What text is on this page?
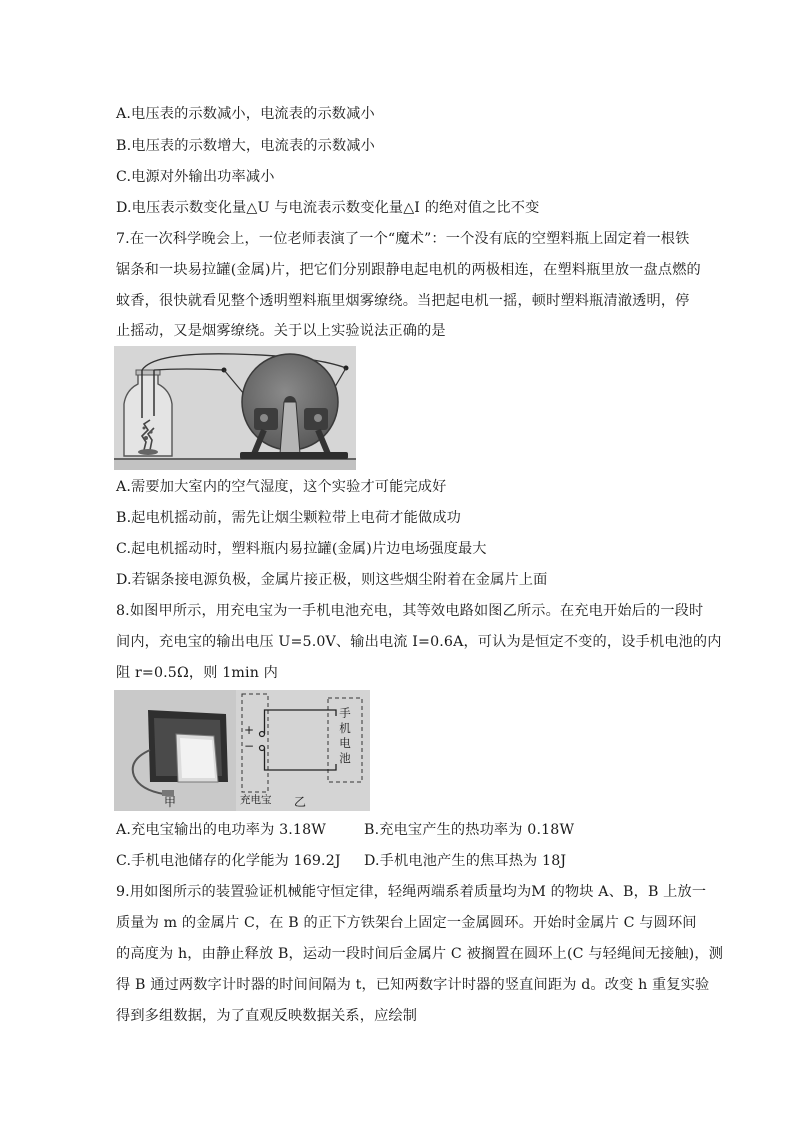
A.电压表的示数减小，电流表的示数减小
B.电压表的示数增大，电流表的示数减小
C.电源对外输出功率减小
D.电压表示数变化量△U 与电流表示数变化量△I 的绝对值之比不变
7.在一次科学晚会上，一位老师表演了一个“魔术”：一个没有底的空塑料瓶上固定着一根铁
锯条和一块易拉罐(金属)片，把它们分别跟静电起电机的两极相连，在塑料瓶里放一盘点燃的
蚊香，很快就看见整个透明塑料瓶里烟雾缭绕。当把起电机一摇，顿时塑料瓶清澈透明，停
止摇动，又是烟雾缭绕。关于以上实验说法正确的是
A.需要加大室内的空气湿度，这个实验才可能完成好
B.起电机摇动前，需先让烟尘颗粒带上电荷才能做成功
C.起电机摇动时，塑料瓶内易拉罐(金属)片边电场强度最大
D.若锯条接电源负极，金属片接正极，则这些烟尘附着在金属片上面
8.如图甲所示，用充电宝为一手机电池充电，其等效电路如图乙所示。在充电开始后的一段时
间内，充电宝的输出电压 U=5.0V、输出电流 I=0.6A，可认为是恒定不变的，设手机电池的内
阻 r=0.5Ω，则 1min 内
+
−
手
机
电
池
充电宝
甲	乙
A.充电宝输出的电功率为 3.18W	B.充电宝产生的热功率为 0.18W
C.手机电池储存的化学能为 169.2J D.手机电池产生的焦耳热为 18J
9.用如图所示的装置验证机械能守恒定律，轻绳两端系着质量均为M 的物块 A、B，B 上放一
质量为 m 的金属片 C，在 B 的正下方铁架台上固定一金属圆环。开始时金属片 C 与圆环间
的高度为 h，由静止释放 B，运动一段时间后金属片 C 被搁置在圆环上(C 与轻绳间无接触)，测
得 B 通过两数字计时器的时间间隔为 t，已知两数字计时器的竖直间距为 d。改变 h 重复实验
得到多组数据，为了直观反映数据关系，应绘制
